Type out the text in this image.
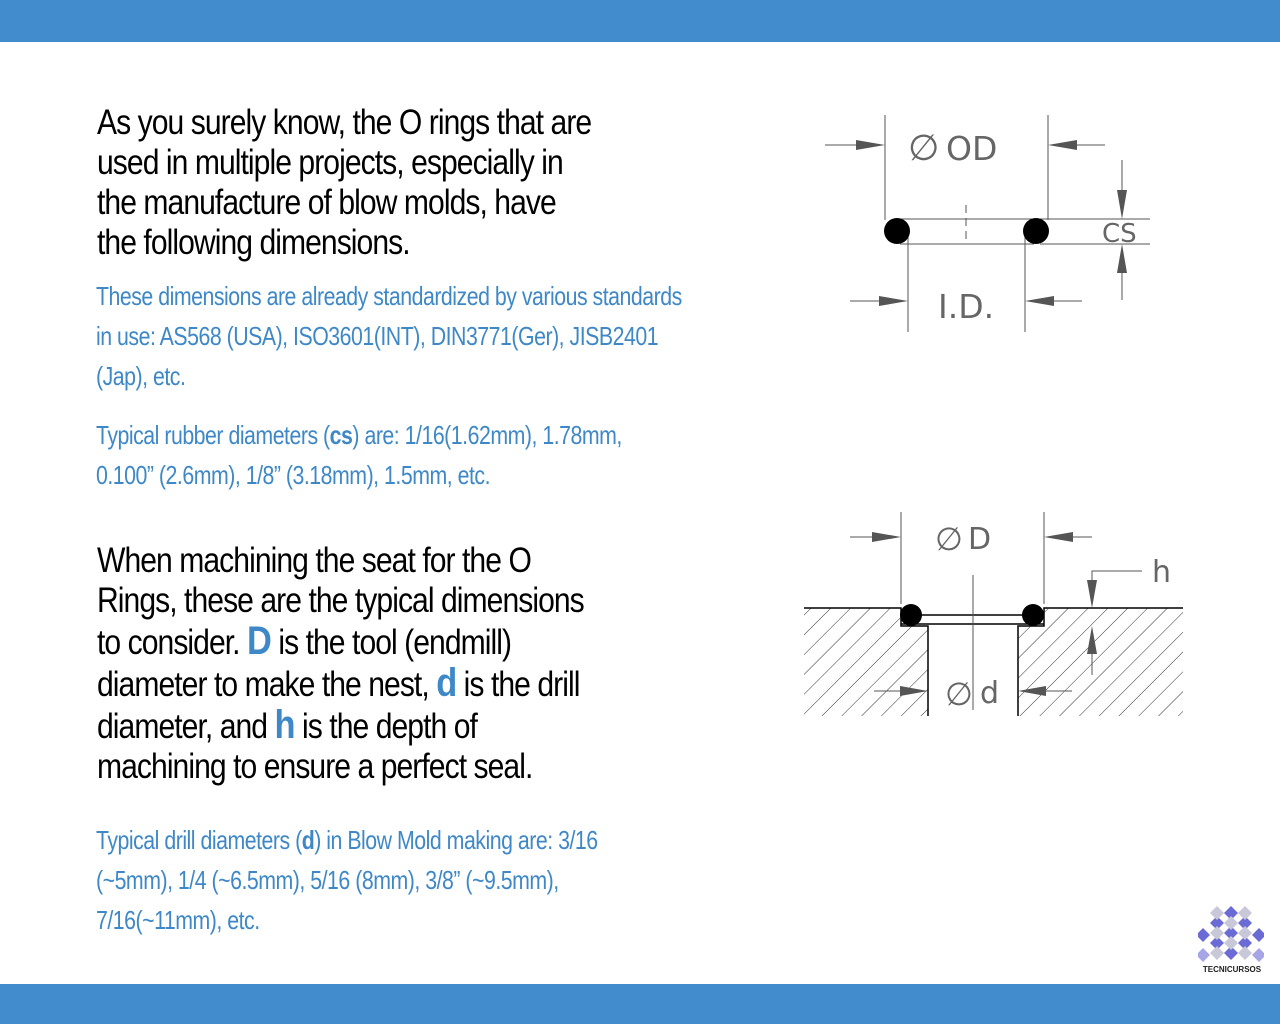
As you surely know, the O rings that are
used in multiple projects, especially in
the manufacture of blow molds, have
the following dimensions.

These dimensions are already standardized by various standards
in use: AS568 (USA), ISO3601(INT), DIN3771(Ger), JISB2401
(Jap), etc.

Typical rubber diameters (cs) are: 1/16(1.62mm), 1.78mm,
0.100” (2.6mm), 1/8” (3.18mm), 1.5mm, etc.

When machining the seat for the O
Rings, these are the typical dimensions
to consider. D is the tool (endmill)
diameter to make the nest, d is the drill
diameter, and h is the depth of
machining to ensure a perfect seal.

Typical drill diameters (d) in Blow Mold making are: 3/16
(~5mm), 1/4 (~6.5mm), 5/16 (8mm), 3/8” (~9.5mm),
7/16(~11mm), etc.

∅ OD
CS
I.D.
∅ D
∅ d
h
TECNICURSOS
